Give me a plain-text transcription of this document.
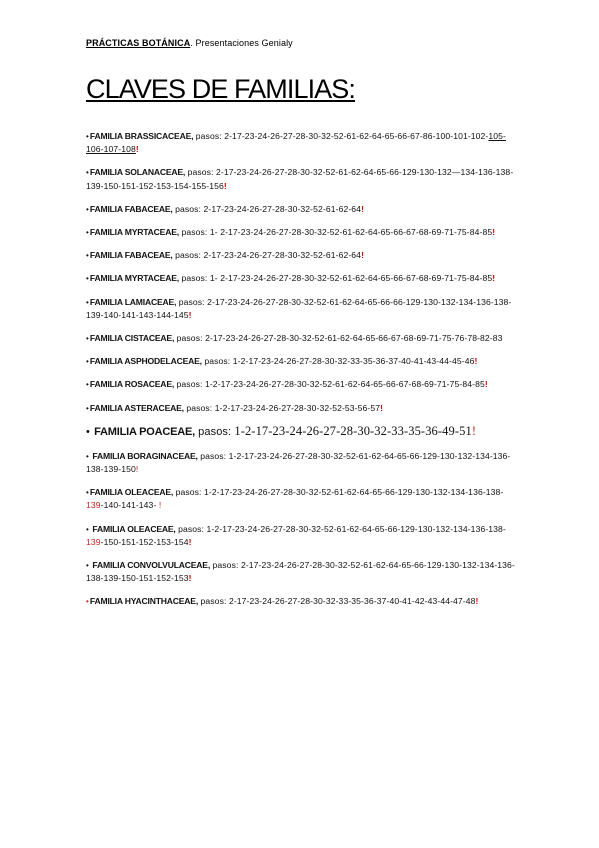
PRÁCTICAS BOTÁNICA. Presentaciones Genialy
CLAVES DE FAMILIAS:
•FAMILIA BRASSICACEAE, pasos: 2-17-23-24-26-27-28-30-32-52-61-62-64-65-66-67-86-100-101-102-105-106-107-108!
•FAMILIA SOLANACEAE, pasos: 2-17-23-24-26-27-28-30-32-52-61-62-64-65-66-129-130-132—134-136-138-139-150-151-152-153-154-155-156!
•FAMILIA FABACEAE, pasos: 2-17-23-24-26-27-28-30-32-52-61-62-64!
•FAMILIA MYRTACEAE, pasos: 1- 2-17-23-24-26-27-28-30-32-52-61-62-64-65-66-67-68-69-71-75-84-85!
•FAMILIA FABACEAE, pasos: 2-17-23-24-26-27-28-30-32-52-61-62-64!
•FAMILIA MYRTACEAE, pasos: 1- 2-17-23-24-26-27-28-30-32-52-61-62-64-65-66-67-68-69-71-75-84-85!
•FAMILIA LAMIACEAE, pasos: 2-17-23-24-26-27-28-30-32-52-61-62-64-65-66-66-129-130-132-134-136-138-139-140-141-143-144-145!
•FAMILIA CISTACEAE, pasos: 2-17-23-24-26-27-28-30-32-52-61-62-64-65-66-67-68-69-71-75-76-78-82-83
•FAMILIA ASPHODELACEAE, pasos: 1-2-17-23-24-26-27-28-30-32-33-35-36-37-40-41-43-44-45-46!
•FAMILIA ROSACEAE, pasos: 1-2-17-23-24-26-27-28-30-32-52-61-62-64-65-66-67-68-69-71-75-84-85!
•FAMILIA ASTERACEAE, pasos: 1-2-17-23-24-26-27-28-30-32-52-53-56-57!
• FAMILIA POACEAE, pasos: 1-2-17-23-24-26-27-28-30-32-33-35-36-49-51!
• FAMILIA BORAGINACEAE, pasos: 1-2-17-23-24-26-27-28-30-32-52-61-62-64-65-66-129-130-132-134-136-138-139-150!
•FAMILIA OLEACEAE, pasos: 1-2-17-23-24-26-27-28-30-32-52-61-62-64-65-66-129-130-132-134-136-138-139-140-141-143- !
• FAMILIA OLEACEAE, pasos: 1-2-17-23-24-26-27-28-30-32-52-61-62-64-65-66-129-130-132-134-136-138-139-150-151-152-153-154!
• FAMILIA CONVOLVULACEAE, pasos: 2-17-23-24-26-27-28-30-32-52-61-62-64-65-66-129-130-132-134-136-138-139-150-151-152-153!
•FAMILIA HYACINTHACEAE, pasos: 2-17-23-24-26-27-28-30-32-33-35-36-37-40-41-42-43-44-47-48!
